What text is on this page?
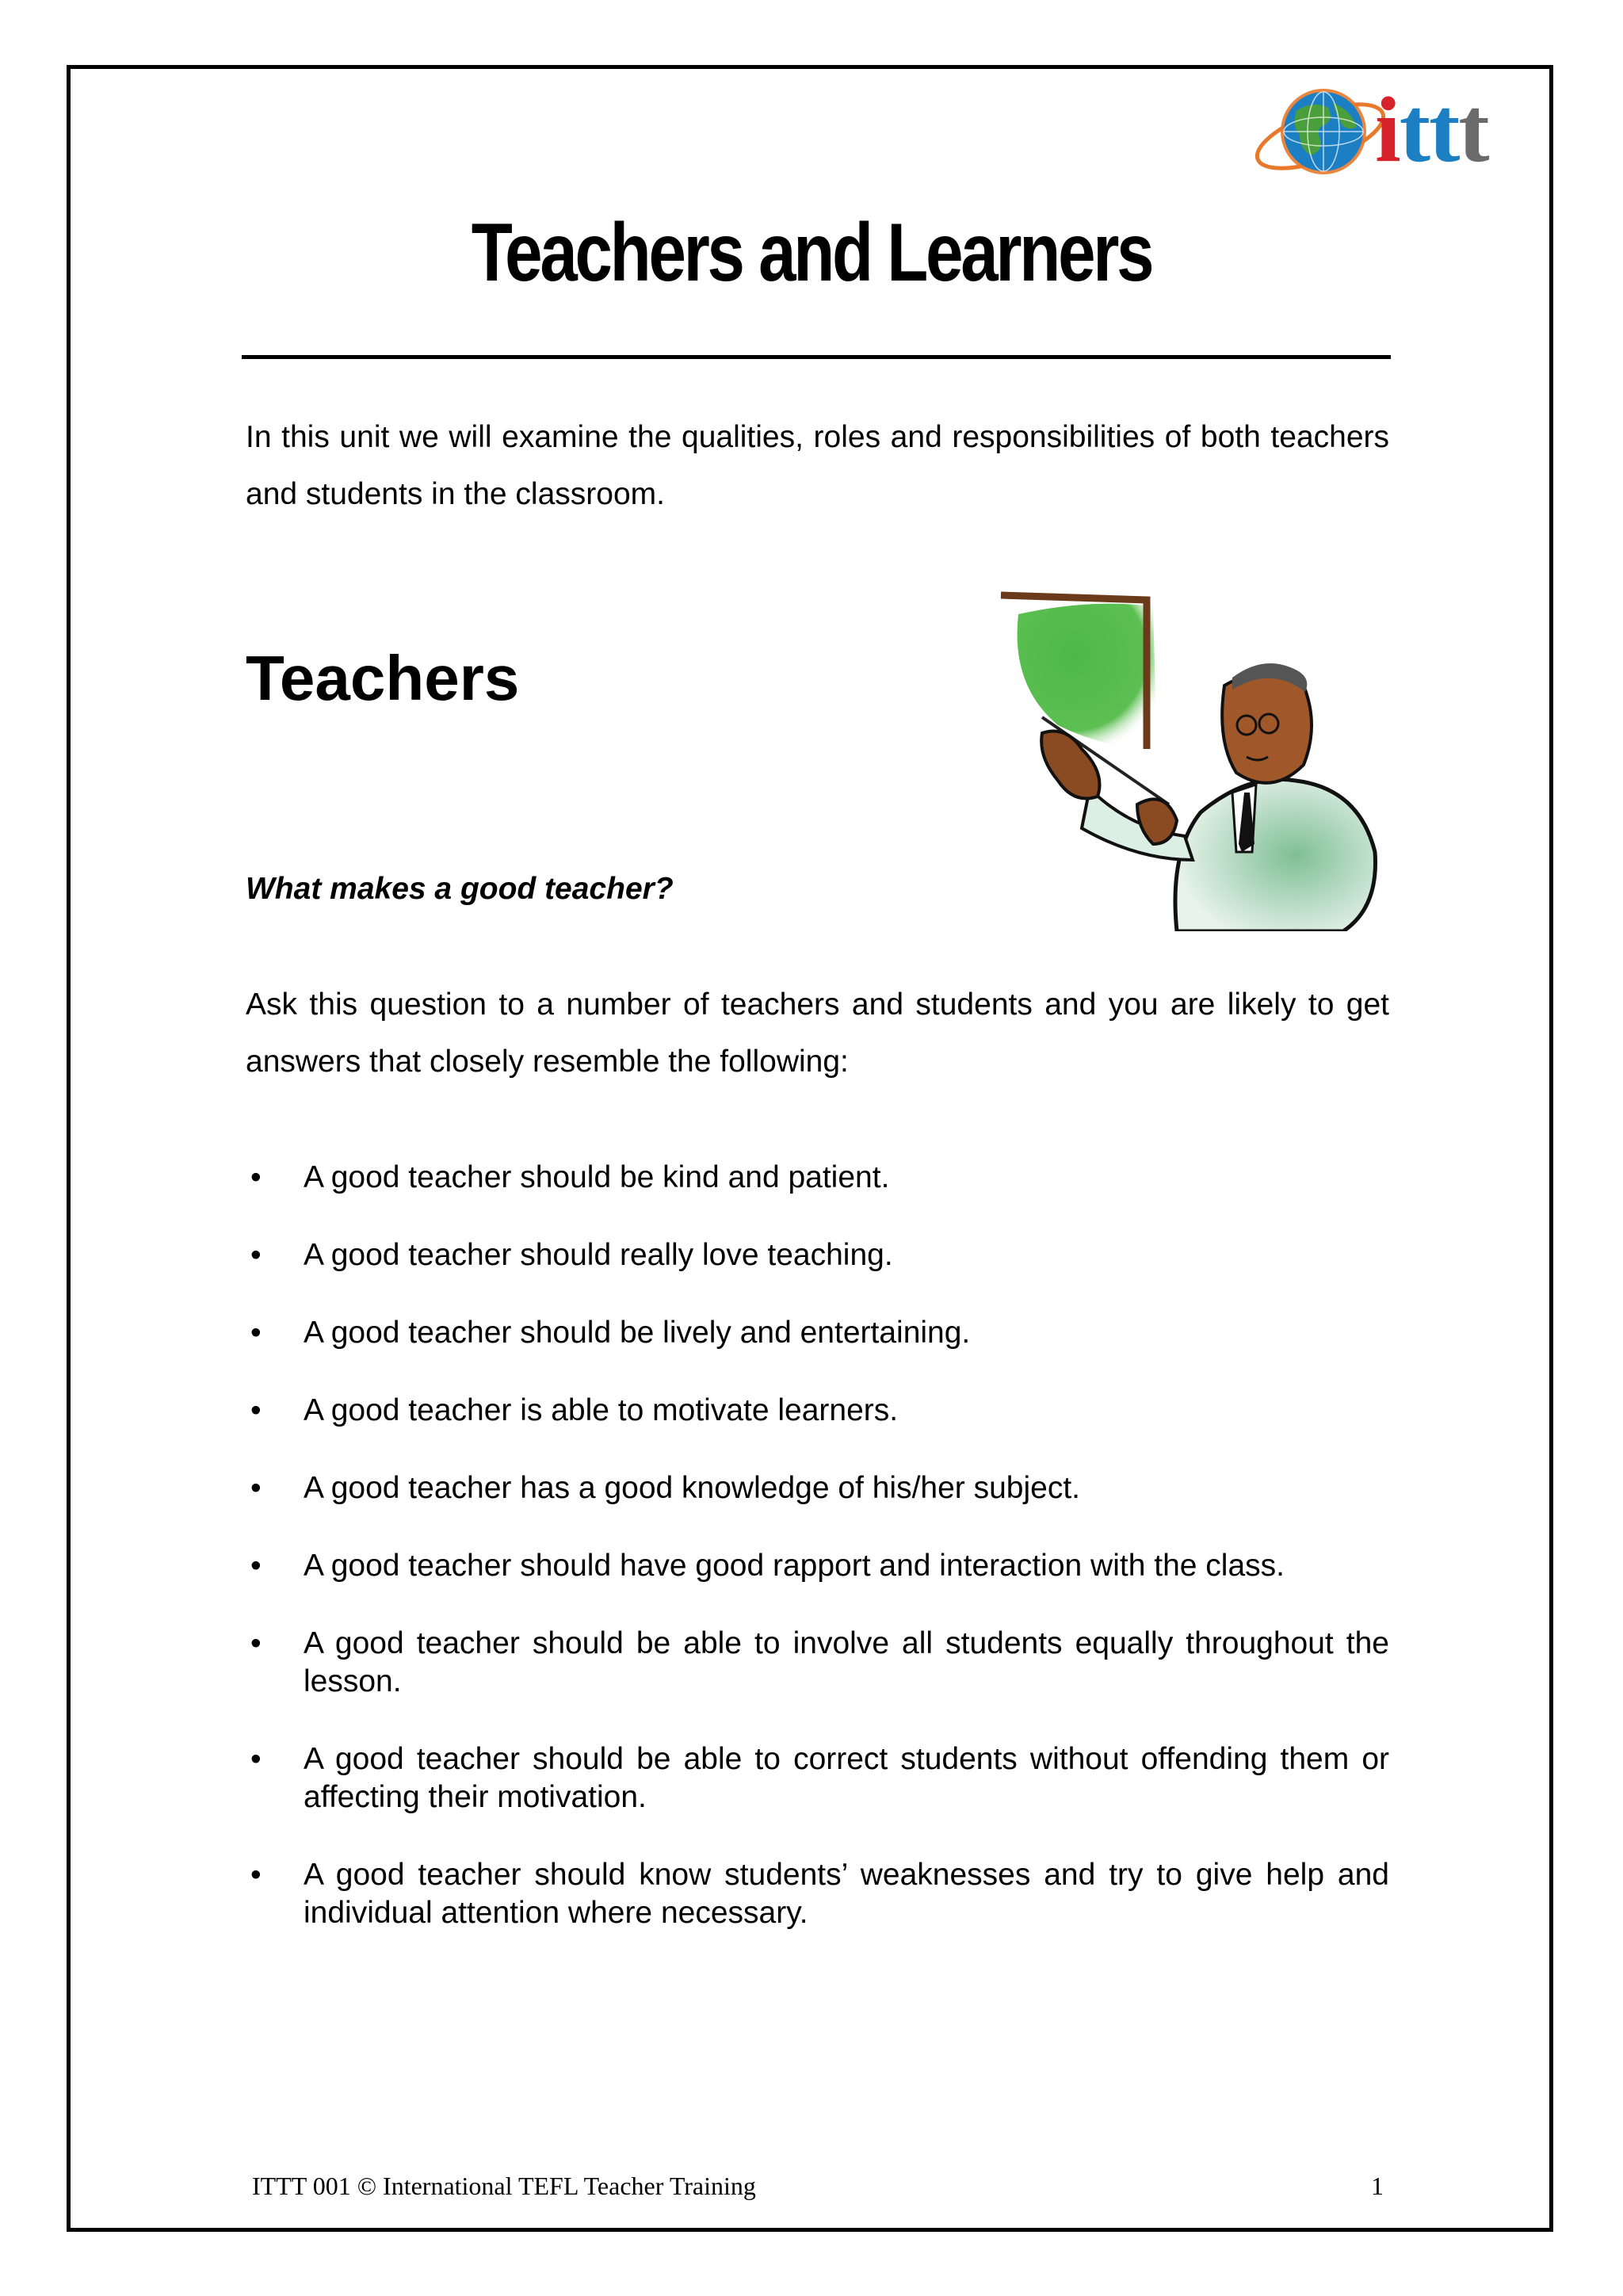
ittt
Teachers and Learners
In this unit we will examine the qualities, roles and responsibilities of both teachers and students in the classroom.
Teachers
What makes a good teacher?
Ask this question to a number of teachers and students and you are likely to get answers that closely resemble the following:
• A good teacher should be kind and patient.
• A good teacher should really love teaching.
• A good teacher should be lively and entertaining.
• A good teacher is able to motivate learners.
• A good teacher has a good knowledge of his/her subject.
• A good teacher should have good rapport and interaction with the class.
• A good teacher should be able to involve all students equally throughout the lesson.
• A good teacher should be able to correct students without offending them or affecting their motivation.
• A good teacher should know students’ weaknesses and try to give help and individual attention where necessary.
ITTT 001 © International TEFL Teacher Training	1
